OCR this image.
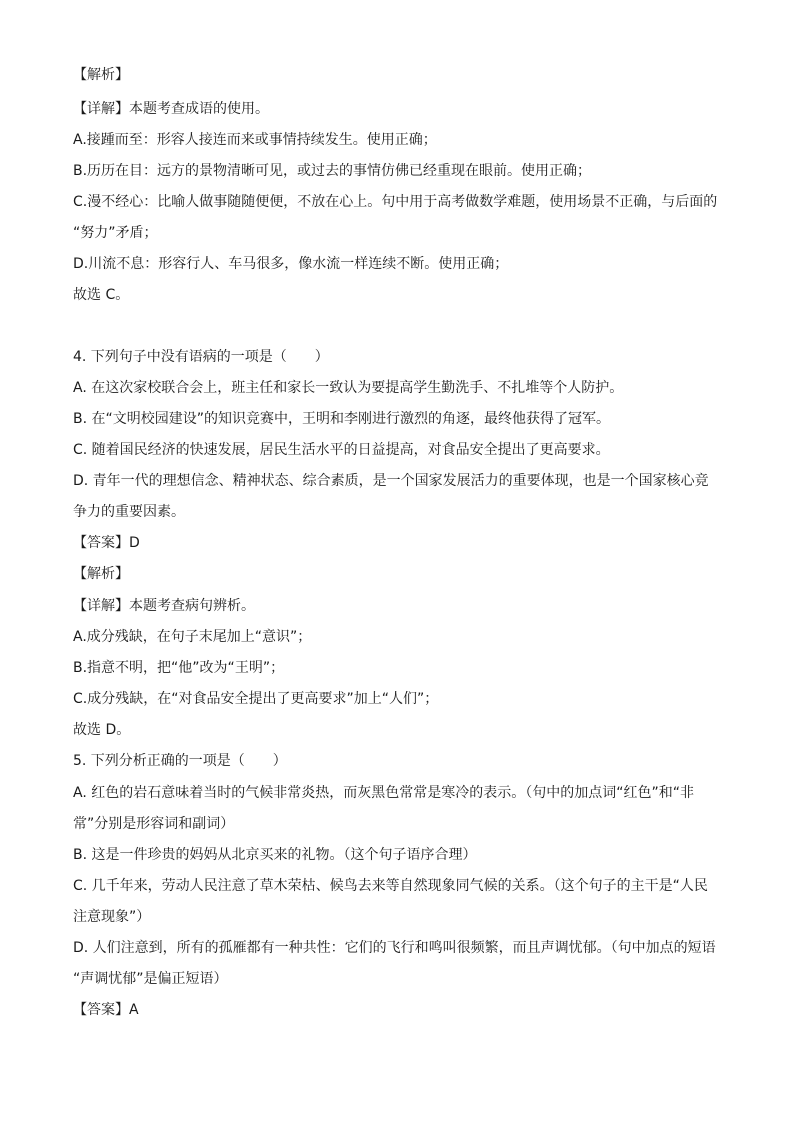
【解析】
【详解】本题考查成语的使用。
A.接踵而至：形容人接连而来或事情持续发生。使用正确；
B.历历在目：远方的景物清晰可见，或过去的事情仿佛已经重现在眼前。使用正确；
C.漫不经心：比喻人做事随随便便，不放在心上。句中用于高考做数学难题，使用场景不正确，与后面的
“努力”矛盾；
D.川流不息：形容行人、车马很多，像水流一样连续不断。使用正确；
故选 C。
4. 下列句子中没有语病的一项是（　　）
A. 在这次家校联合会上，班主任和家长一致认为要提高学生勤洗手、不扎堆等个人防护。
B. 在“文明校园建设”的知识竞赛中，王明和李刚进行激烈的角逐，最终他获得了冠军。
C. 随着国民经济的快速发展，居民生活水平的日益提高，对食品安全提出了更高要求。
D. 青年一代的理想信念、精神状态、综合素质，是一个国家发展活力的重要体现，也是一个国家核心竞
争力的重要因素。
【答案】D
【解析】
【详解】本题考查病句辨析。
A.成分残缺，在句子末尾加上“意识”；
B.指意不明，把“他”改为“王明”；
C.成分残缺，在“对食品安全提出了更高要求”加上“人们”；
故选 D。
5. 下列分析正确的一项是（　　）
A. 红色的岩石意味着当时的气候非常炎热，而灰黑色常常是寒冷的表示。（句中的加点词“红色”和“非
常”分别是形容词和副词）
B. 这是一件珍贵的妈妈从北京买来的礼物。（这个句子语序合理）
C. 几千年来，劳动人民注意了草木荣枯、候鸟去来等自然现象同气候的关系。（这个句子的主干是“人民
注意现象”）
D. 人们注意到，所有的孤雁都有一种共性：它们的飞行和鸣叫很频繁，而且声调忧郁。（句中加点的短语
“声调忧郁”是偏正短语）
【答案】A
